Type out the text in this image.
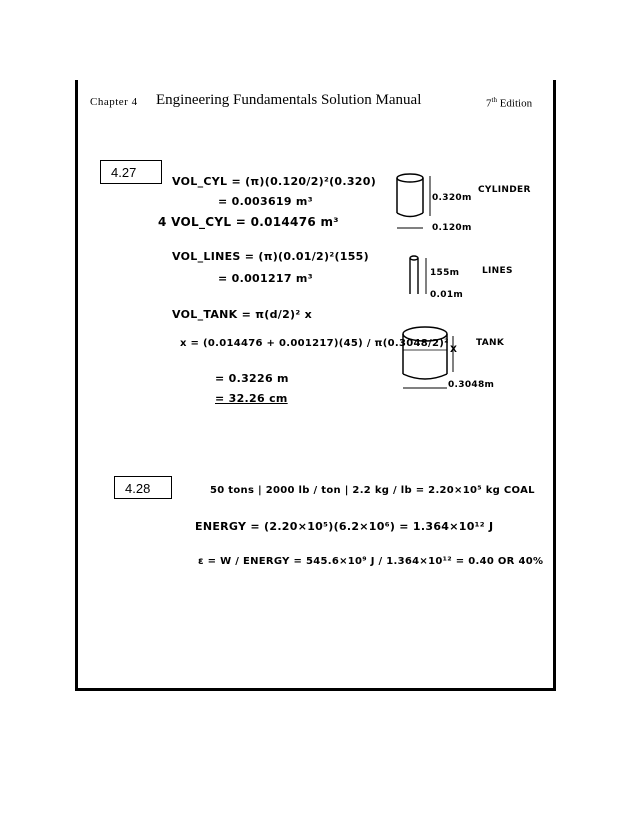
Chapter 4 Engineering Fundamentals Solution Manual	7th Edition
4.27
VOL_CYL = (π)(0.120/2)²(0.320)
= 0.003619 m³
4 VOL_CYL = 0.014476 m³
VOL_LINES = (π)(0.01/2)²(155)
= 0.001217 m³
VOL_TANK = π(d/2)² x
x = (0.014476 + 0.001217)(45) / π(0.3048/2)²
= 0.3226 m
= 32.26 cm
0.320m
CYLINDER
0.120m
155m	LINES
0.01m
X
TANK
0.3048m
4.28	50 tons | 2000 lb / ton | 2.2 kg / lb = 2.20×10⁵ kg COAL
ENERGY = (2.20×10⁵)(6.2×10⁶) = 1.364×10¹² J
ε = W / ENERGY = 545.6×10⁹ J / 1.364×10¹² = 0.40 OR 40%
